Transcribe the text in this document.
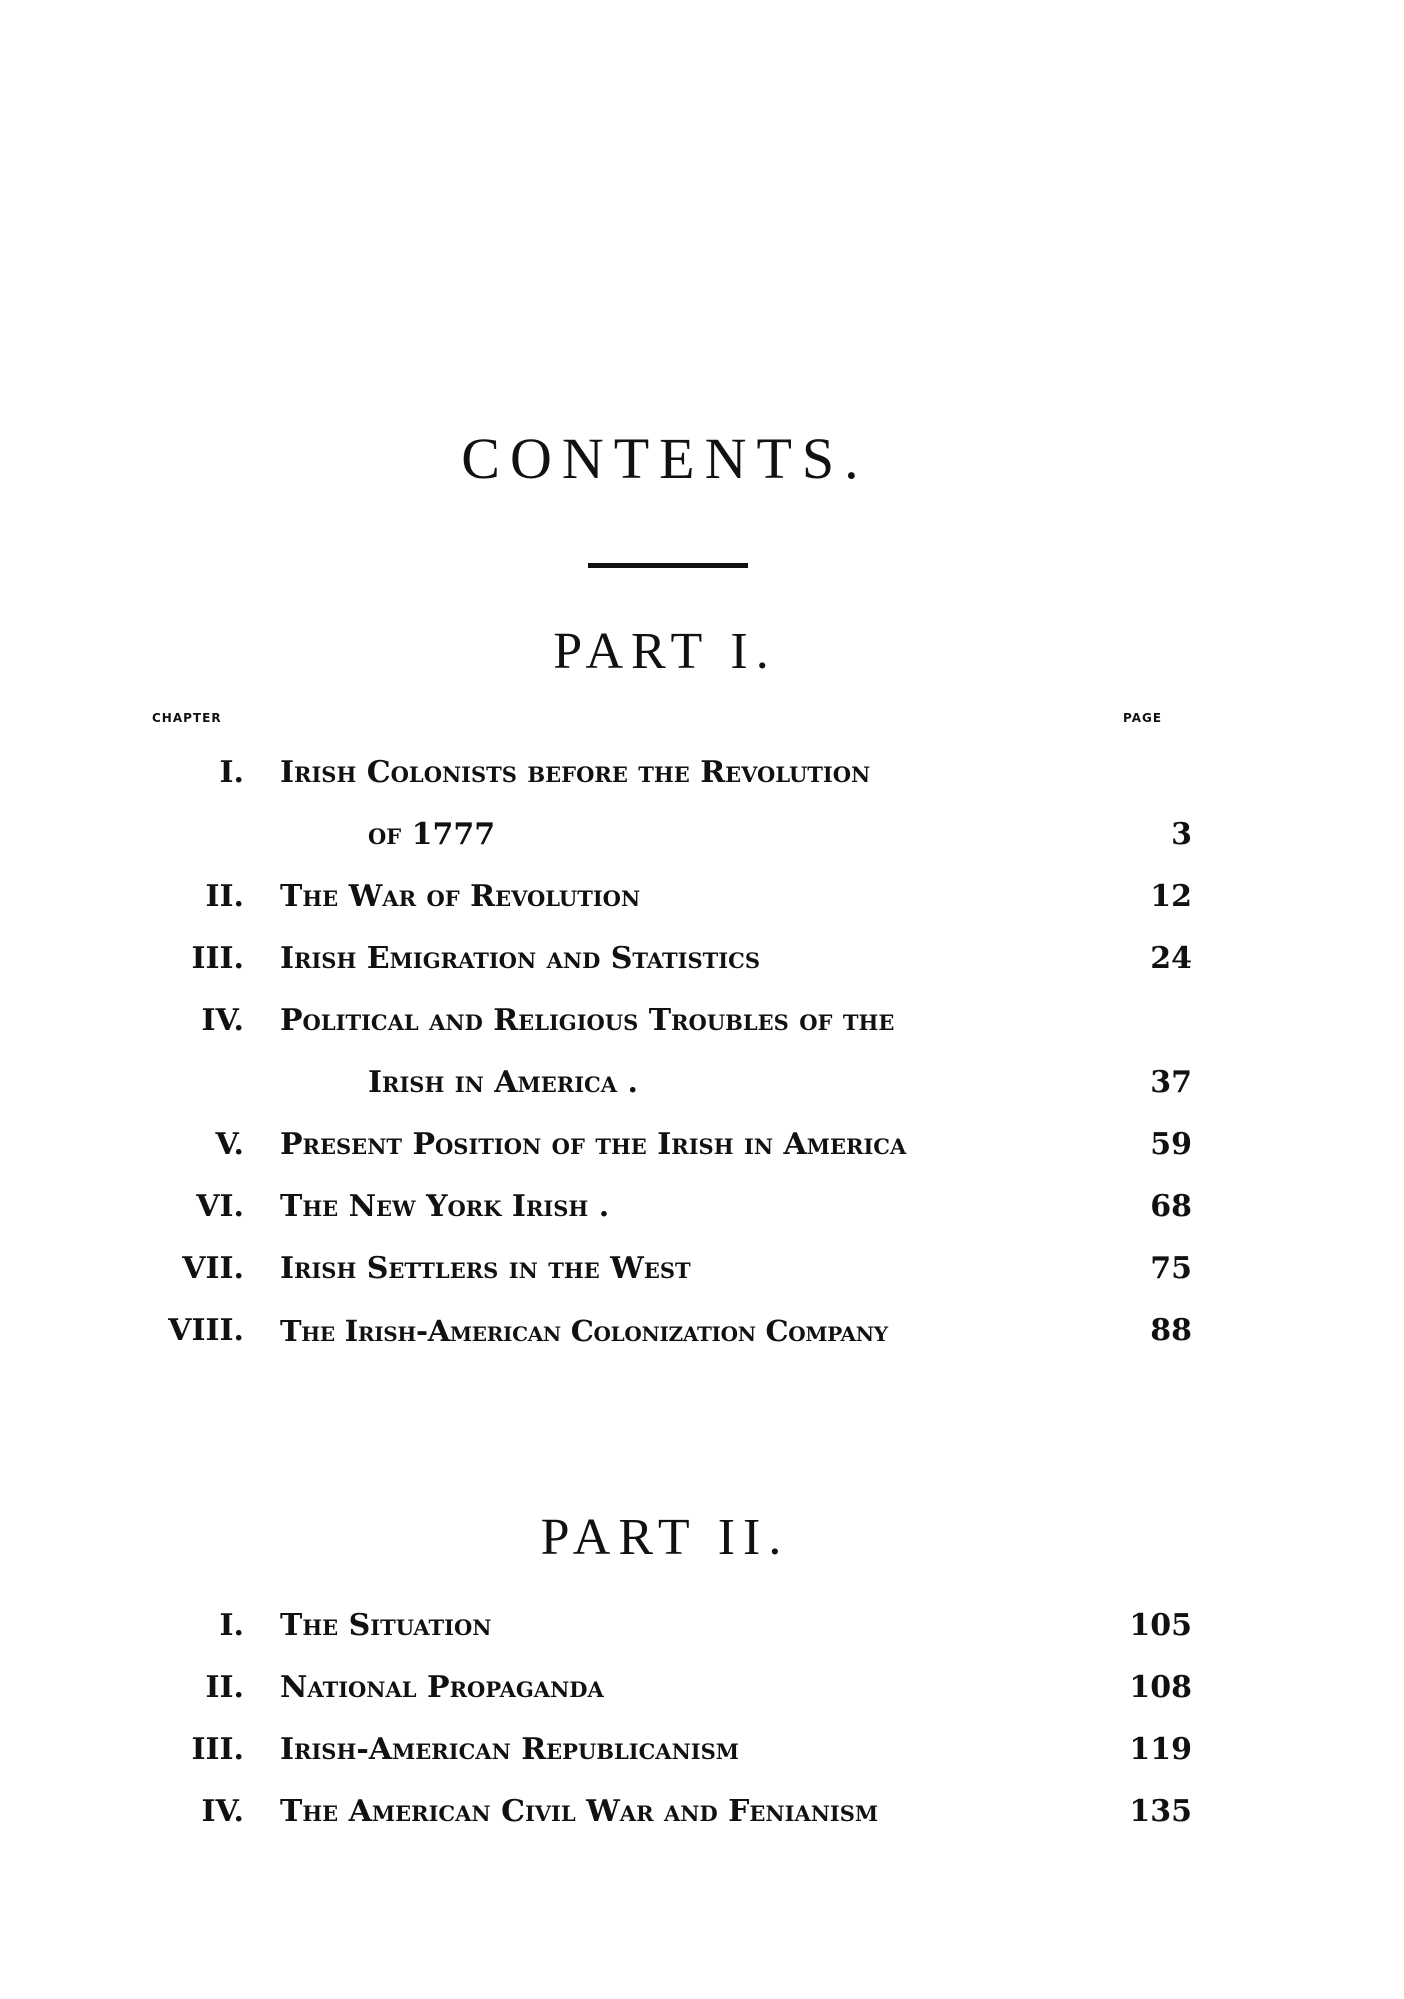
CONTENTS.
PART I.
CHAPTER	PAGE
I. Irish Colonists before the Revolution
of 1777	3
II. The War of Revolution	12
III. Irish Emigration and Statistics	24
IV. Political and Religious Troubles of the
Irish in America .	37
V. Present Position of the Irish in America	59
VI. The New York Irish .	68
VII. Irish Settlers in the West	75
VIII. The Irish-American Colonization Company	88
PART II.
I. The Situation	105
II. National Propaganda	108
III. Irish-American Republicanism	119
IV. The American Civil War and Fenianism	135
